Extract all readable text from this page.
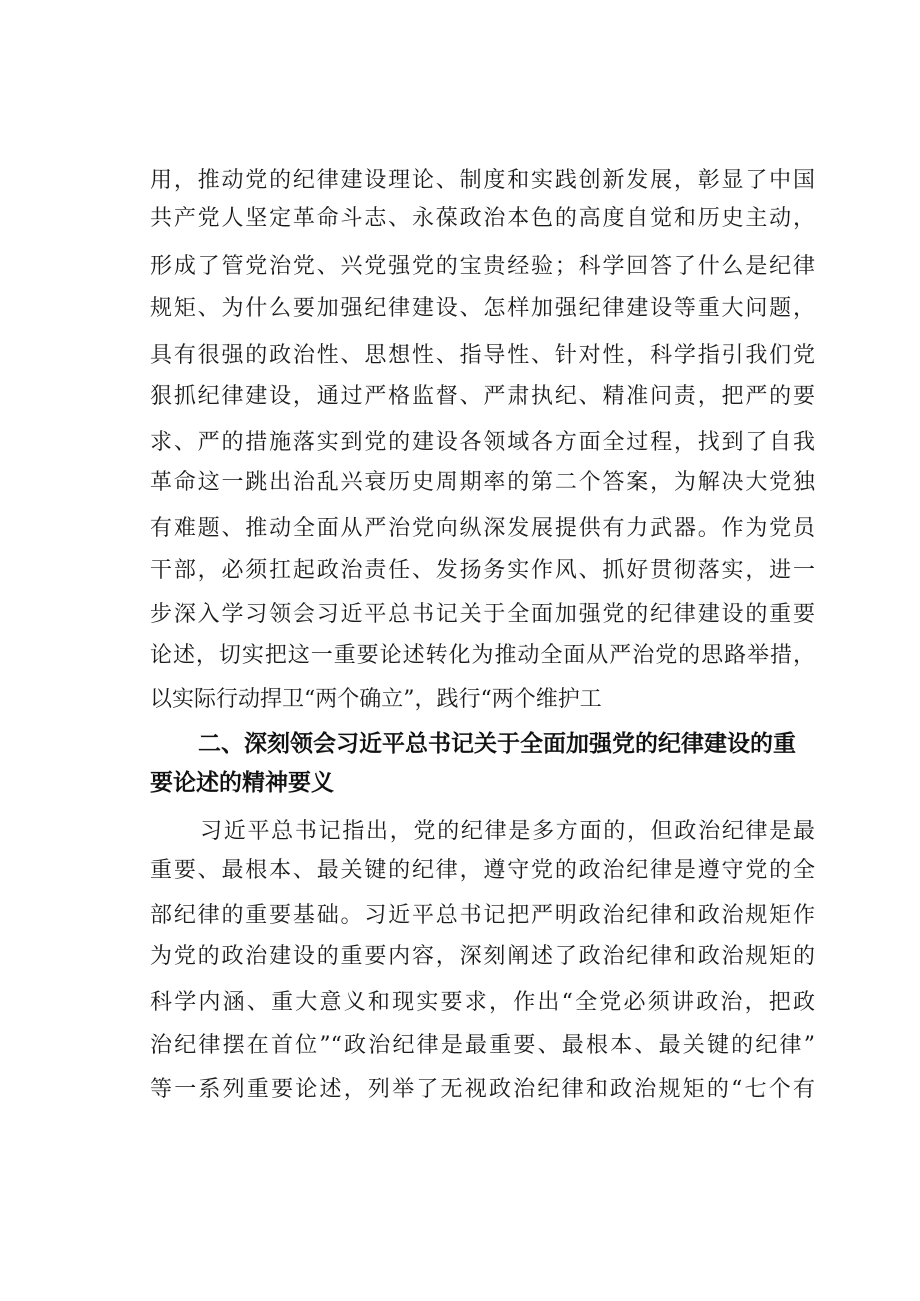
用，推动党的纪律建设理论、制度和实践创新发展，彰显了中国
共产党人坚定革命斗志、永葆政治本色的高度自觉和历史主动，
形成了管党治党、兴党强党的宝贵经验；科学回答了什么是纪律
规矩、为什么要加强纪律建设、怎样加强纪律建设等重大问题，
具有很强的政治性、思想性、指导性、针对性，科学指引我们党
狠抓纪律建设，通过严格监督、严肃执纪、精准问责，把严的要
求、严的措施落实到党的建设各领域各方面全过程，找到了自我
革命这一跳出治乱兴衰历史周期率的第二个答案，为解决大党独
有难题、推动全面从严治党向纵深发展提供有力武器。作为党员
干部，必须扛起政治责任、发扬务实作风、抓好贯彻落实，进一
步深入学习领会习近平总书记关于全面加强党的纪律建设的重要
论述，切实把这一重要论述转化为推动全面从严治党的思路举措，
以实际行动捍卫“两个确立”，践行“两个维护工
二、深刻领会习近平总书记关于全面加强党的纪律建设的重
要论述的精神要义
习近平总书记指出，党的纪律是多方面的，但政治纪律是最
重要、最根本、最关键的纪律，遵守党的政治纪律是遵守党的全
部纪律的重要基础。习近平总书记把严明政治纪律和政治规矩作
为党的政治建设的重要内容，深刻阐述了政治纪律和政治规矩的
科学内涵、重大意义和现实要求，作出“全党必须讲政治，把政
治纪律摆在首位”“政治纪律是最重要、最根本、最关键的纪律”
等一系列重要论述，列举了无视政治纪律和政治规矩的“七个有
